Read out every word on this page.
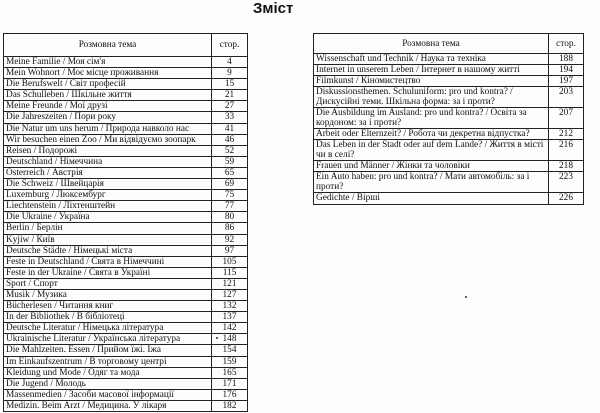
Зміст
Розмовна тема	стор.
Meine Familie / Моя сім'я	4
Mein Wohnort / Моє місце проживання	9
Die Berufswelt / Світ професій	15
Das Schulleben / Шкільне життя	21
Meine Freunde / Мої друзі	27
Die Jahreszeiten / Пори року	33
Die Natur um uns herum / Природа навколо нас	41
Wir besuchen einen Zoo / Ми відвідуємо зоопарк	46
Reisen / Подорожі	52
Deutschland / Німеччина	59
Österreich / Австрія	65
Die Schweiz / Швейцарія	69
Luxemburg / Люксембург	75
Liechtenstein / Ліхтенштейн	77
Die Ukraine / Україна	80
Berlin / Берлін	86
Kyjiw / Київ	92
Deutsche Städte / Німецькі міста	97
Feste in Deutschland / Свята в Німеччині	105
Feste in der Ukraine / Свята в Україні	115
Sport / Спорт	121
Musik / Музика	127
Bücherlesen / Читання книг	132
In der Bibliothek / В бібліотеці	137
Deutsche Literatur / Німецька література	142
Ukrainische Literatur / Українська література	148
Die Mahlzeiten. Essen / Прийом їжі. Їжа	154
Im Einkaufszentrum / В торговому центрі	159
Kleidung und Mode / Одяг та мода	165
Die Jugend / Молодь	171
Massenmedien / Засоби масової інформації	176
Medizin. Beim Arzt / Медицина. У лікаря	182
Розмовна тема	стор.
Wissenschaft und Technik / Наука та техніка	188
Internet in unserem Leben / Інтернет в нашому житті	194
Filmkunst / Кіномистецтво	197
Diskussionsthemen. Schuluniform: pro und kontra? / Дискусійні теми. Шкільна форма: за і проти?	203
Die Ausbildung im Ausland: pro und kontra? / Освіта за кордоном: за і проти?	207
Arbeit oder Elternzeit? / Робота чи декретна відпустка?	212
Das Leben in der Stadt oder auf dem Lande? / Життя в місті чи в селі?	216
Frauen und Männer / Жінки та чоловіки	218
Ein Auto haben: pro und kontra? / Мати автомобіль: за і проти?	223
Gedichte / Вірші	226
